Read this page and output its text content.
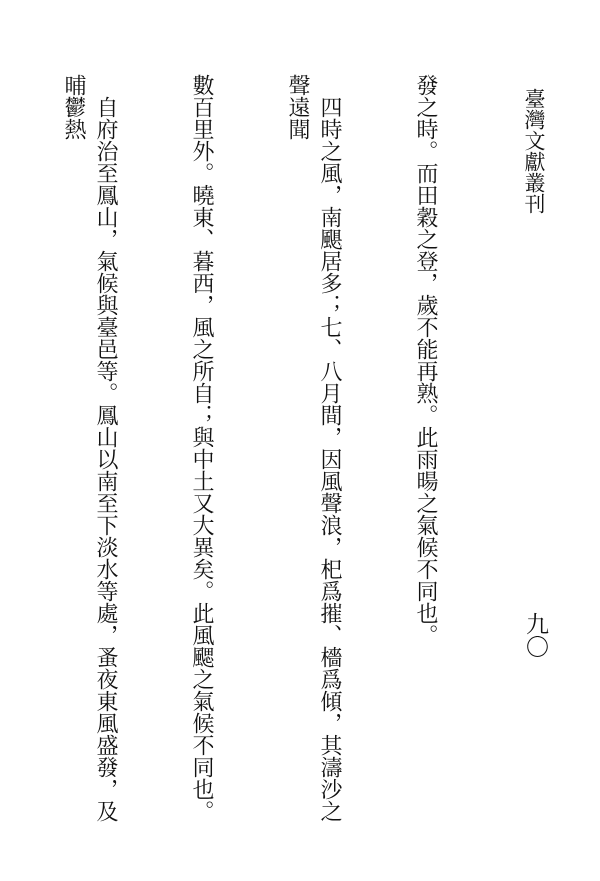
臺灣文獻叢刊
九〇

發之時。而田穀之登，歲不能再熟。此雨暘之氣候不同也。

　四時之風，南颶居多；七、八月間，因風聲浪，𣏌爲摧、檣爲傾，其濤沙之聲遠聞

數百里外。曉東、暮西，風之所自；與中土又大異矣。此風颸之氣候不同也。

　自府治至鳳山，氣候與臺邑等。鳳山以南至下淡水等處，蚤夜東風盛發，及晡鬱熱
